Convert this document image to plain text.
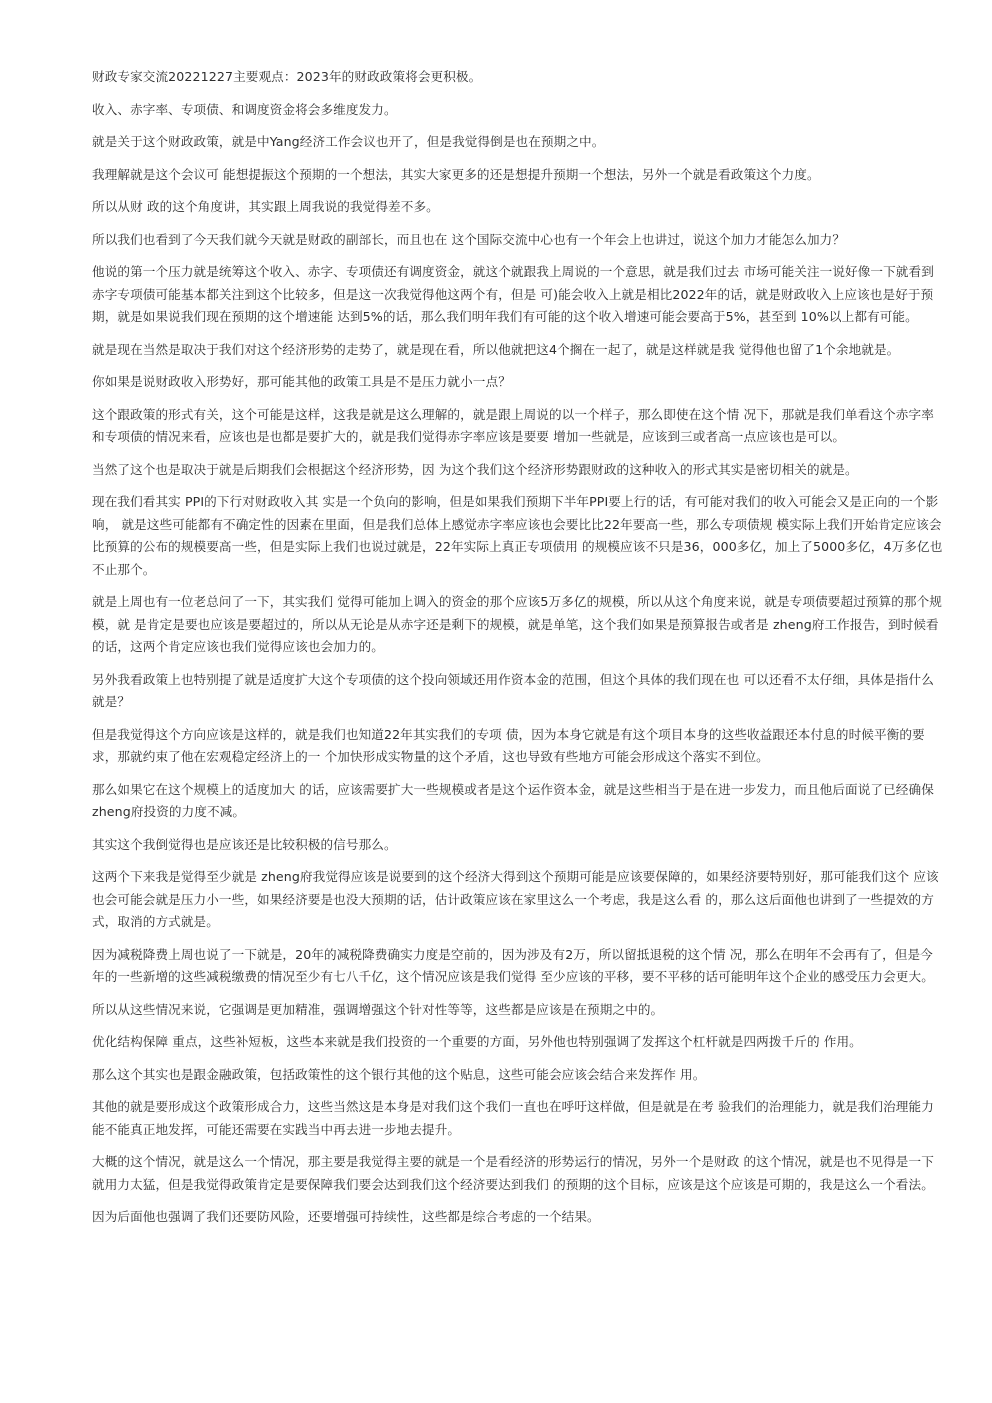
财政专家交流20221227主要观点：2023年的财政政策将会更积极。

收入、赤字率、专项债、和调度资金将会多维度发力。

就是关于这个财政政策，就是中Yang经济工作会议也开了，但是我觉得倒是也在预期之中。

我理解就是这个会议可 能想提振这个预期的一个想法，其实大家更多的还是想提升预期一个想法，另外一个就是看政策这个力度。

所以从财 政的这个角度讲，其实跟上周我说的我觉得差不多。

所以我们也看到了今天我们就今天就是财政的副部长，而且也在 这个国际交流中心也有一个年会上也讲过，说这个加力才能怎么加力？

他说的第一个压力就是统筹这个收入、赤字、专项债还有调度资金，就这个就跟我上周说的一个意思，就是我们过去 市场可能关注一说好像一下就看到赤字专项债可能基本都关注到这个比较多，但是这一次我觉得他这两个有，但是 可)能会收入上就是相比2022年的话，就是财政收入上应该也是好于预期，就是如果说我们现在预期的这个增速能 达到5%的话，那么我们明年我们有可能的这个收入增速可能会要高于5%，甚至到 10%以上都有可能。

就是现在当然是取决于我们对这个经济形势的走势了，就是现在看，所以他就把这4个搁在一起了，就是这样就是我 觉得他也留了1个余地就是。

你如果是说财政收入形势好，那可能其他的政策工具是不是压力就小一点？

这个跟政策的形式有关，这个可能是这样，这我是就是这么理解的，就是跟上周说的以一个样子，那么即使在这个情 况下，那就是我们单看这个赤字率和专项债的情况来看，应该也是也都是要扩大的，就是我们觉得赤字率应该是要要 增加一些就是，应该到三或者高一点应该也是可以。

当然了这个也是取决于就是后期我们会根据这个经济形势，因 为这个我们这个经济形势跟财政的这种收入的形式其实是密切相关的就是。

现在我们看其实 PPI的下行对财政收入其 实是一个负向的影响，但是如果我们预期下半年PPI要上行的话，有可能对我们的收入可能会又是正向的一个影响， 就是这些可能都有不确定性的因素在里面，但是我们总体上感觉赤字率应该也会要比比22年要高一些，那么专项债规 模实际上我们开始肯定应该会比预算的公布的规模要高一些，但是实际上我们也说过就是，22年实际上真正专项债用 的规模应该不只是36，000多亿，加上了5000多亿，4万多亿也不止那个。

就是上周也有一位老总问了一下，其实我们 觉得可能加上调入的资金的那个应该5万多亿的规模，所以从这个角度来说，就是专项债要超过预算的那个规模，就 是肯定是要也应该是要超过的，所以从无论是从赤字还是剩下的规模，就是单笔，这个我们如果是预算报告或者是 zheng府工作报告，到时候看的话，这两个肯定应该也我们觉得应该也会加力的。

另外我看政策上也特别提了就是适度扩大这个专项债的这个投向领域还用作资本金的范围，但这个具体的我们现在也 可以还看不太仔细，具体是指什么就是？

但是我觉得这个方向应该是这样的，就是我们也知道22年其实我们的专项 债，因为本身它就是有这个项目本身的这些收益跟还本付息的时候平衡的要求，那就约束了他在宏观稳定经济上的一 个加快形成实物量的这个矛盾，这也导致有些地方可能会形成这个落实不到位。

那么如果它在这个规模上的适度加大 的话，应该需要扩大一些规模或者是这个运作资本金，就是这些相当于是在进一步发力，而且他后面说了已经确保 zheng府投资的力度不减。

其实这个我倒觉得也是应该还是比较积极的信号那么。

这两个下来我是觉得至少就是 zheng府我觉得应该是说要到的这个经济大得到这个预期可能是应该要保障的，如果经济要特别好，那可能我们这个 应该也会可能会就是压力小一些，如果经济要是也没大预期的话，估计政策应该在家里这么一个考虑，我是这么看 的，那么这后面他也讲到了一些提效的方式，取消的方式就是。

因为减税降费上周也说了一下就是，20年的减税降费确实力度是空前的，因为涉及有2万，所以留抵退税的这个情 况，那么在明年不会再有了，但是今年的一些新增的这些减税缴费的情况至少有七八千亿，这个情况应该是我们觉得 至少应该的平移，要不平移的话可能明年这个企业的感受压力会更大。

所以从这些情况来说，它强调是更加精准，强调增强这个针对性等等，这些都是应该是在预期之中的。

优化结构保障 重点，这些补短板，这些本来就是我们投资的一个重要的方面，另外他也特别强调了发挥这个杠杆就是四两拨千斤的 作用。

那么这个其实也是跟金融政策，包括政策性的这个银行其他的这个贴息，这些可能会应该会结合来发挥作 用。

其他的就是要形成这个政策形成合力，这些当然这是本身是对我们这个我们一直也在呼吁这样做，但是就是在考 验我们的治理能力，就是我们治理能力能不能真正地发挥，可能还需要在实践当中再去进一步地去提升。

大概的这个情况，就是这么一个情况，那主要是我觉得主要的就是一个是看经济的形势运行的情况，另外一个是财政 的这个情况，就是也不见得是一下就用力太猛，但是我觉得政策肯定是要保障我们要会达到我们这个经济要达到我们 的预期的这个目标，应该是这个应该是可期的，我是这么一个看法。

因为后面他也强调了我们还要防风险，还要增强可持续性，这些都是综合考虑的一个结果。
